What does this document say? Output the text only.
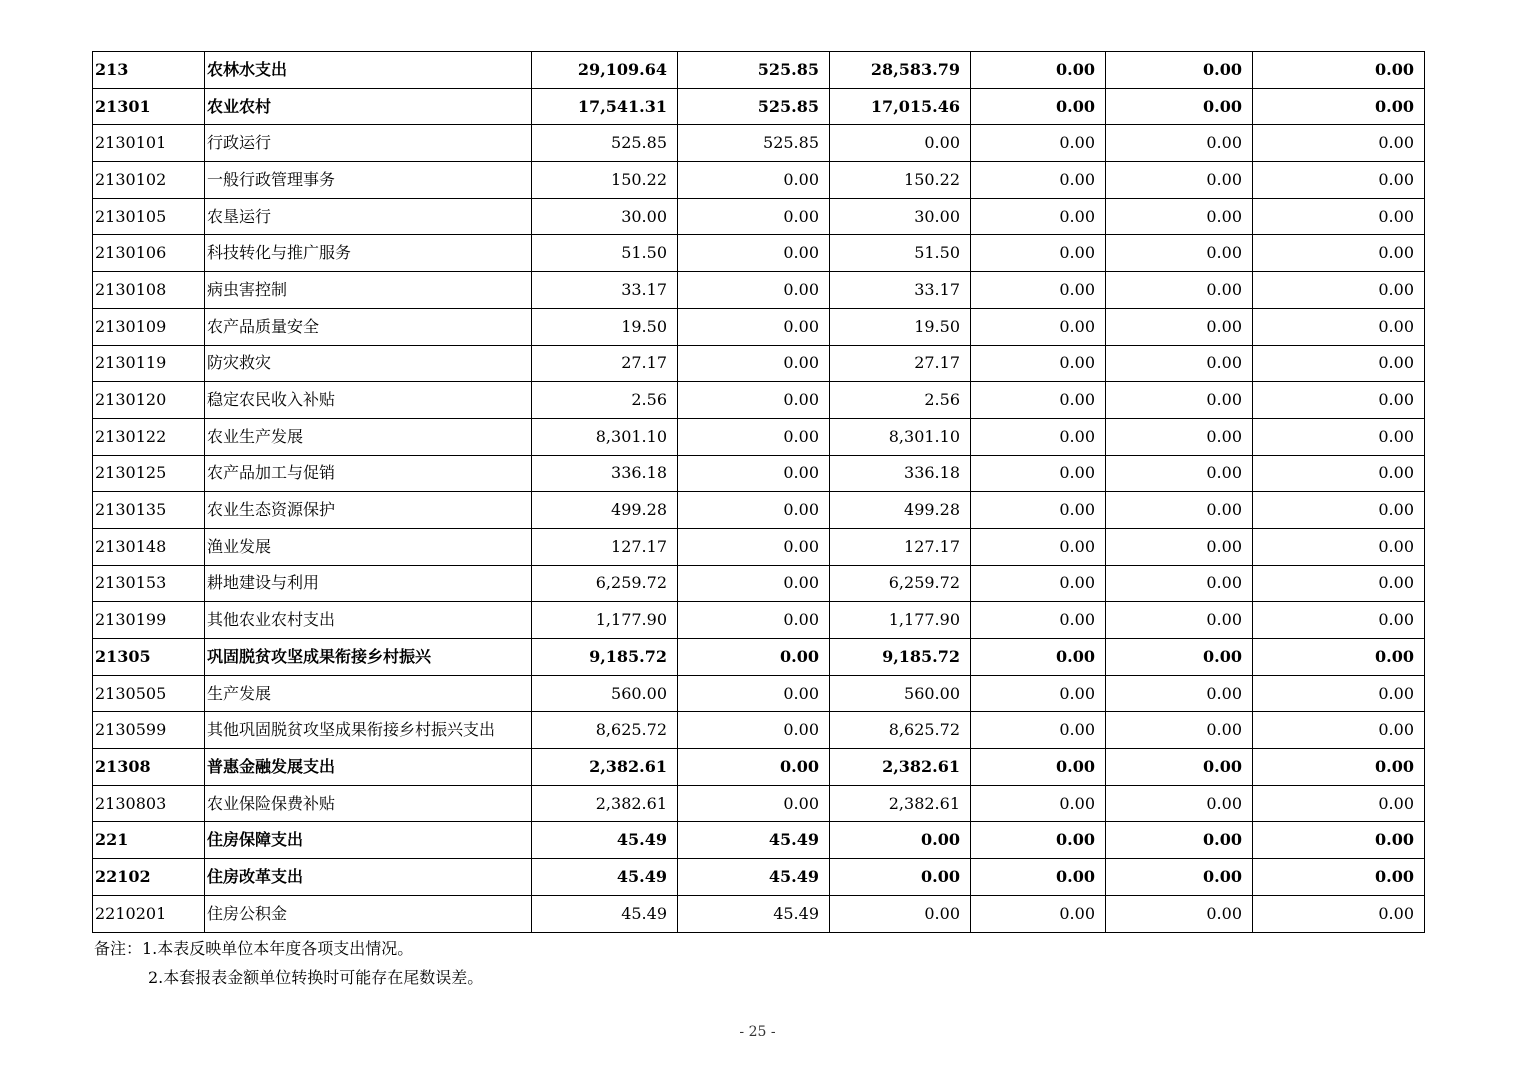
213	农林水支出	29,109.64	525.85	28,583.79	0.00	0.00	0.00
21301	农业农村	17,541.31	525.85	17,015.46	0.00	0.00	0.00
2130101	行政运行	525.85	525.85	0.00	0.00	0.00	0.00
2130102	一般行政管理事务	150.22	0.00	150.22	0.00	0.00	0.00
2130105	农垦运行	30.00	0.00	30.00	0.00	0.00	0.00
2130106	科技转化与推广服务	51.50	0.00	51.50	0.00	0.00	0.00
2130108	病虫害控制	33.17	0.00	33.17	0.00	0.00	0.00
2130109	农产品质量安全	19.50	0.00	19.50	0.00	0.00	0.00
2130119	防灾救灾	27.17	0.00	27.17	0.00	0.00	0.00
2130120	稳定农民收入补贴	2.56	0.00	2.56	0.00	0.00	0.00
2130122	农业生产发展	8,301.10	0.00	8,301.10	0.00	0.00	0.00
2130125	农产品加工与促销	336.18	0.00	336.18	0.00	0.00	0.00
2130135	农业生态资源保护	499.28	0.00	499.28	0.00	0.00	0.00
2130148	渔业发展	127.17	0.00	127.17	0.00	0.00	0.00
2130153	耕地建设与利用	6,259.72	0.00	6,259.72	0.00	0.00	0.00
2130199	其他农业农村支出	1,177.90	0.00	1,177.90	0.00	0.00	0.00
21305	巩固脱贫攻坚成果衔接乡村振兴	9,185.72	0.00	9,185.72	0.00	0.00	0.00
2130505	生产发展	560.00	0.00	560.00	0.00	0.00	0.00
2130599	其他巩固脱贫攻坚成果衔接乡村振兴支出	8,625.72	0.00	8,625.72	0.00	0.00	0.00
21308	普惠金融发展支出	2,382.61	0.00	2,382.61	0.00	0.00	0.00
2130803	农业保险保费补贴	2,382.61	0.00	2,382.61	0.00	0.00	0.00
221	住房保障支出	45.49	45.49	0.00	0.00	0.00	0.00
22102	住房改革支出	45.49	45.49	0.00	0.00	0.00	0.00
2210201	住房公积金	45.49	45.49	0.00	0.00	0.00	0.00
备注：1.本表反映单位本年度各项支出情况。
2.本套报表金额单位转换时可能存在尾数误差。
- 25 -
